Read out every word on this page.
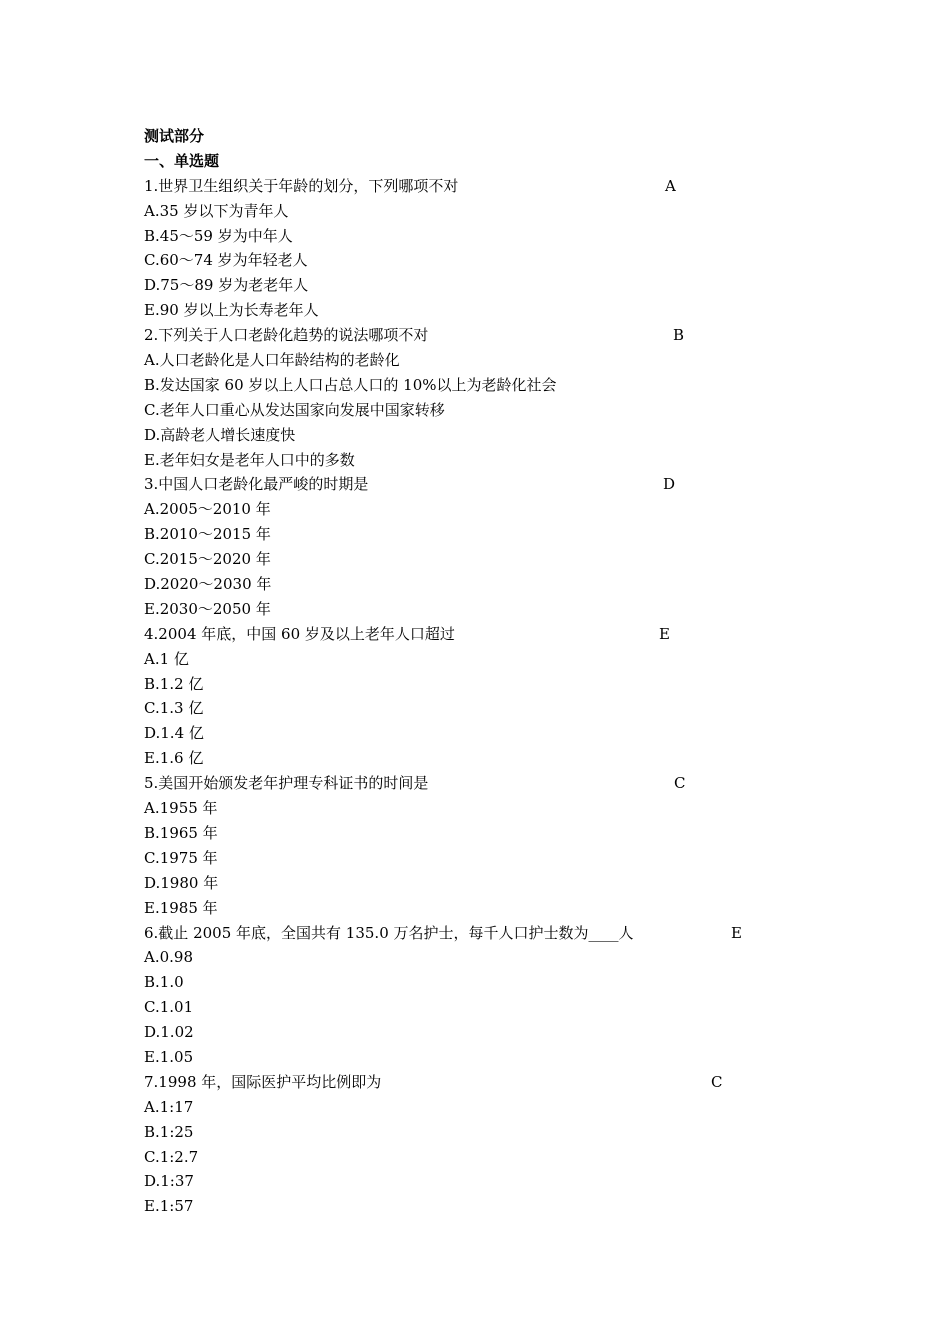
测试部分
一、单选题
1.世界卫生组织关于年龄的划分，下列哪项不对	A
A.35 岁以下为青年人
B.45～59 岁为中年人
C.60～74 岁为年轻老人
D.75～89 岁为老老年人
E.90 岁以上为长寿老年人
2.下列关于人口老龄化趋势的说法哪项不对	B
A.人口老龄化是人口年龄结构的老龄化
B.发达国家 60 岁以上人口占总人口的 10%以上为老龄化社会
C.老年人口重心从发达国家向发展中国家转移
D.高龄老人增长速度快
E.老年妇女是老年人口中的多数
3.中国人口老龄化最严峻的时期是	D
A.2005～2010 年
B.2010～2015 年
C.2015～2020 年
D.2020～2030 年
E.2030～2050 年
4.2004 年底，中国 60 岁及以上老年人口超过	E
A.1 亿
B.1.2 亿
C.1.3 亿
D.1.4 亿
E.1.6 亿
5.美国开始颁发老年护理专科证书的时间是	C
A.1955 年
B.1965 年
C.1975 年
D.1980 年
E.1985 年
6.截止 2005 年底，全国共有 135.0 万名护士，每千人口护士数为____人	E
A.0.98
B.1.0
C.1.01
D.1.02
E.1.05
7.1998 年，国际医护平均比例即为	C
A.1:17
B.1:25
C.1:2.7
D.1:37
E.1:57
